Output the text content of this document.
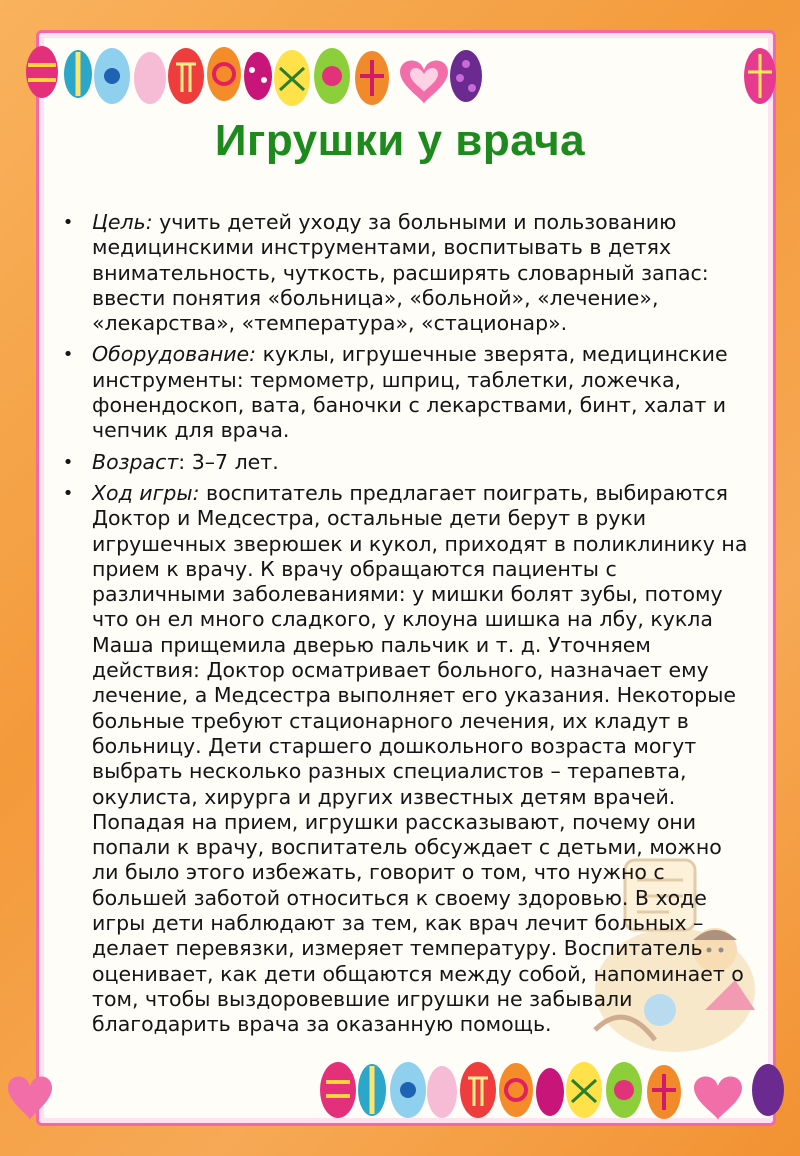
Игрушки у врача
• Цель: учить детей уходу за больными и пользованию медицинскими инструментами, воспитывать в детях внимательность, чуткость, расширять словарный запас: ввести понятия «больница», «больной», «лечение», «лекарства», «температура», «стационар».
• Оборудование: куклы, игрушечные зверята, медицинские инструменты: термометр, шприц, таблетки, ложечка, фонендоскоп, вата, баночки с лекарствами, бинт, халат и чепчик для врача.
• Возраст: 3–7 лет.
• Ход игры: воспитатель предлагает поиграть, выбираются Доктор и Медсестра, остальные дети берут в руки игрушечных зверюшек и кукол, приходят в поликлинику на прием к врачу. К врачу обращаются пациенты с различными заболеваниями: у мишки болят зубы, потому что он ел много сладкого, у клоуна шишка на лбу, кукла Маша прищемила дверью пальчик и т. д. Уточняем действия: Доктор осматривает больного, назначает ему лечение, а Медсестра выполняет его указания. Некоторые больные требуют стационарного лечения, их кладут в больницу. Дети старшего дошкольного возраста могут выбрать несколько разных специалистов – терапевта, окулиста, хирурга и других известных детям врачей. Попадая на прием, игрушки рассказывают, почему они попали к врачу, воспитатель обсуждает с детьми, можно ли было этого избежать, говорит о том, что нужно с большей заботой относиться к своему здоровью. В ходе игры дети наблюдают за тем, как врач лечит больных – делает перевязки, измеряет температуру. Воспитатель оценивает, как дети общаются между собой, напоминает о том, чтобы выздоровевшие игрушки не забывали благодарить врача за оказанную помощь.
